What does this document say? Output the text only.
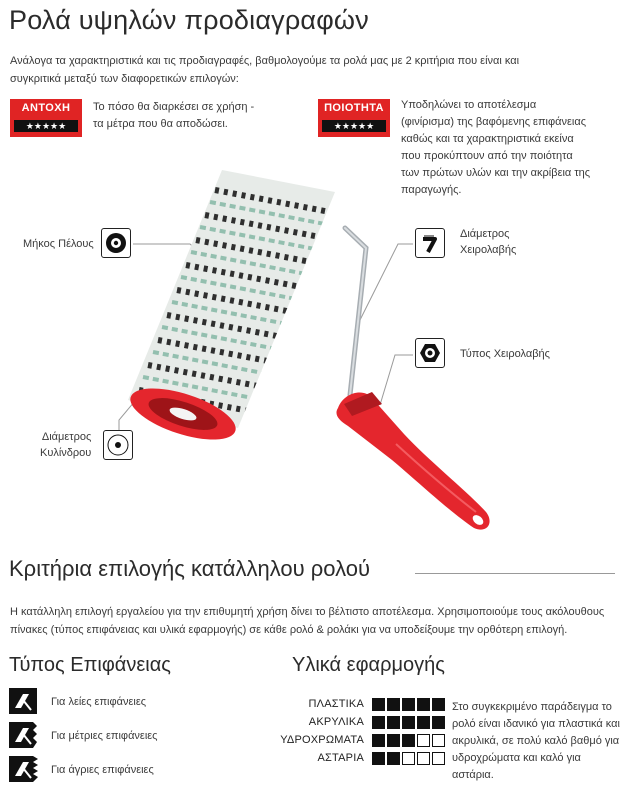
Ρολά υψηλών προδιαγραφών
Ανάλογα τα χαρακτηριστικά και τις προδιαγραφές, βαθμολογούμε τα ρολά μας με 2 κριτήρια που είναι και συγκριτικά μεταξύ των διαφορετικών επιλογών:
ΑΝΤΟΧΗ
★★★★★
Το πόσο θα διαρκέσει σε χρήση - τα μέτρα που θα αποδώσει.
ΠΟΙΟΤΗΤΑ
★★★★★
Υποδηλώνει το αποτέλεσμα (φινίρισμα) της βαφόμενης επιφάνειας καθώς και τα χαρακτηριστικά εκείνα που προκύπτουν από την ποιότητα των πρώτων υλών και την ακρίβεια της παραγωγής.
Μήκος Πέλους
Διάμετρος
Χειρολαβής
Τύπος Χειρολαβής
Διάμετρος
Κυλίνδρου
Κριτήρια επιλογής κατάλληλου ρολού
Η κατάλληλη επιλογή εργαλείου για την επιθυμητή χρήση δίνει το βέλτιστο αποτέλεσμα. Χρησιμοποιούμε τους ακόλουθους πίνακες (τύπος επιφάνειας και υλικά εφαρμογής) σε κάθε ρολό & ρολάκι για να υποδείξουμε την ορθότερη επιλογή.
Τύπος Επιφάνειας
Για λείες επιφάνειες
Για μέτριες επιφάνειες
Για άγριες επιφάνειες
Υλικά εφαρμογής
ΠΛΑΣΤΙΚΑ
ΑΚΡΥΛΙΚΑ
ΥΔΡΟΧΡΩΜΑΤΑ
ΑΣΤΑΡΙΑ
Στο συγκεκριμένο παράδειγμα το ρολό είναι ιδανικό για πλαστικά και ακρυλικά, σε πολύ καλό βαθμό για υδροχρώματα και καλό για αστάρια.
